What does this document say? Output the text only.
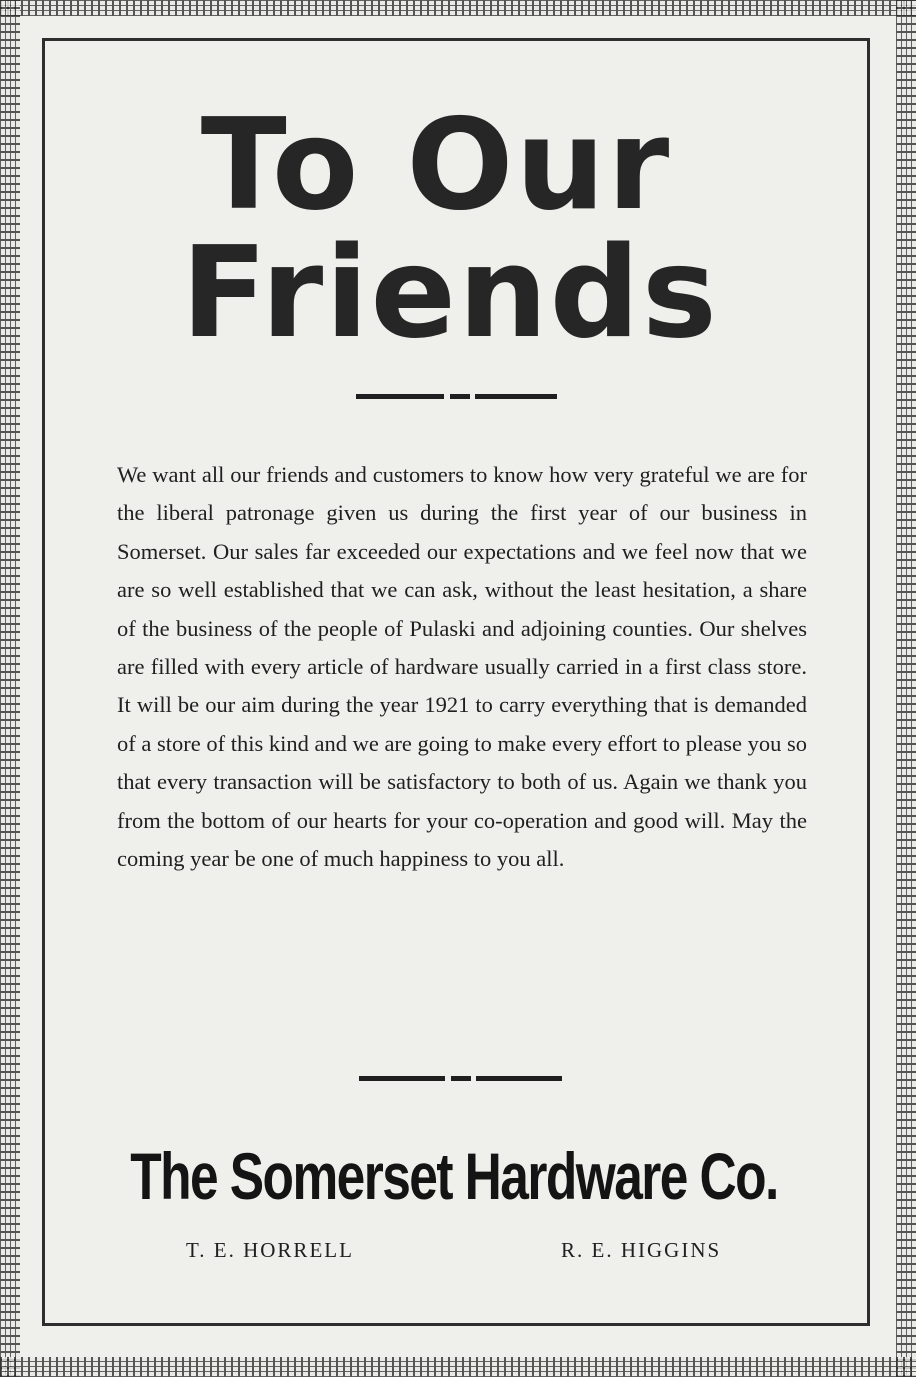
To Our
Friends

We want all our friends and customers to know how very grateful we are for the liberal patronage given us during the first year of our business in Somerset. Our sales far exceeded our expectations and we feel now that we are so well established that we can ask, without the least hesitation, a share of the business of the people of Pulaski and adjoining counties. Our shelves are filled with every article of hardware usually carried in a first class store. It will be our aim during the year 1921 to carry everything that is demanded of a store of this kind and we are going to make every effort to please you so that every transaction will be satisfactory to both of us. Again we thank you from the bottom of our hearts for your co-operation and good will. May the coming year be one of much happiness to you all.

The Somerset Hardware Co.

T. E. HORRELL	R. E. HIGGINS
